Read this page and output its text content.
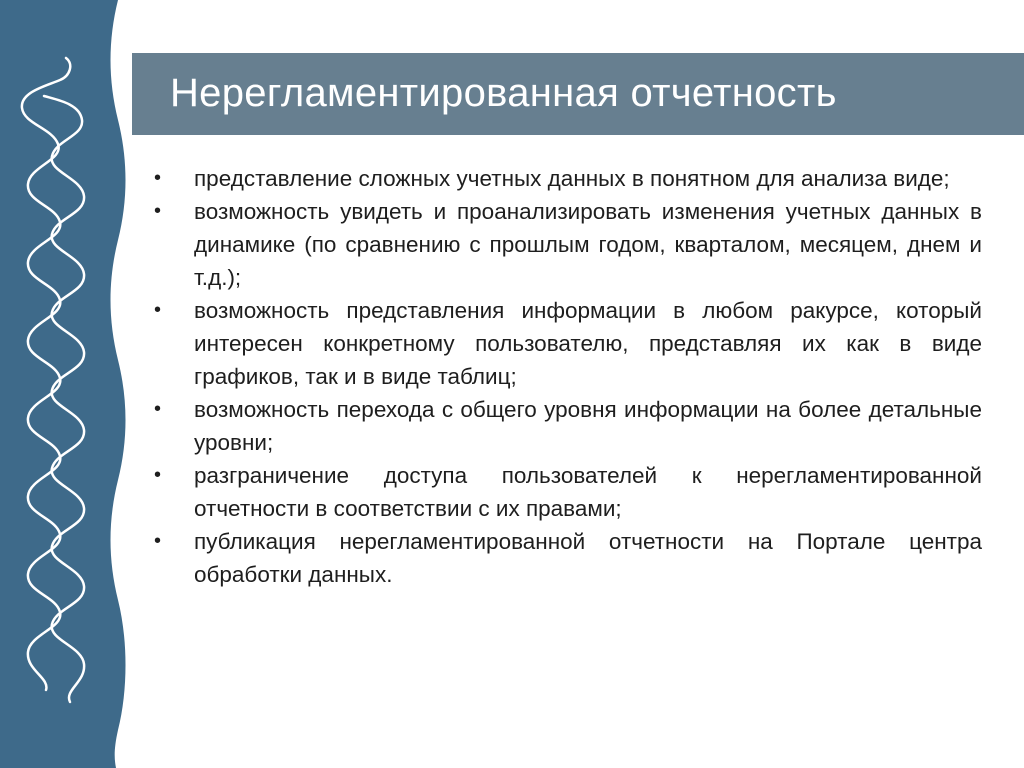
Нерегламентированная отчетность
• представление сложных учетных данных в понятном для анализа виде;
• возможность увидеть и проанализировать изменения учетных данных в динамике (по сравнению с прошлым годом, кварталом, месяцем, днем и т.д.);
• возможность представления информации в любом ракурсе, который интересен конкретному пользователю, представляя их как в виде графиков, так и в виде таблиц;
• возможность перехода с общего уровня информации на более детальные уровни;
• разграничение доступа пользователей к нерегламентированной отчетности в соответствии с их правами;
• публикация нерегламентированной отчетности на Портале центра обработки данных.
